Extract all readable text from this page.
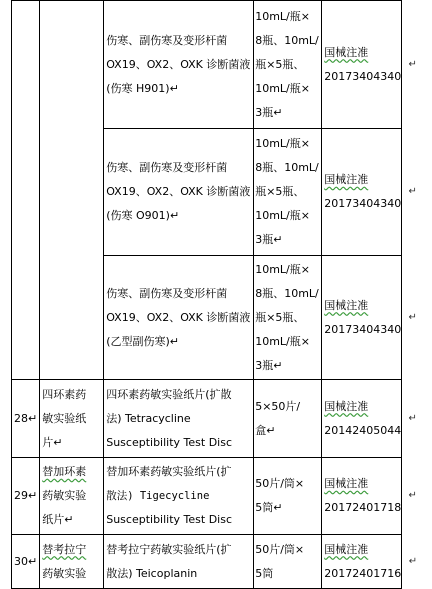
		伤寒、副伤寒及变形杆菌
OX19、OX2、OXK 诊断菌液
(伤寒 H901)↵	10mL/瓶×
8瓶、10mL/
瓶×5瓶、
10mL/瓶×
3瓶↵	国械注准
20173404340	↵

		伤寒、副伤寒及变形杆菌
OX19、OX2、OXK 诊断菌液
(伤寒 O901)↵	10mL/瓶×
8瓶、10mL/
瓶×5瓶、
10mL/瓶×
3瓶↵	国械注准
20173404340	↵

		伤寒、副伤寒及变形杆菌
OX19、OX2、OXK 诊断菌液
(乙型副伤寒)↵	10mL/瓶×
8瓶、10mL/
瓶×5瓶、
10mL/瓶×
3瓶↵	国械注准
20173404340	↵
28↵	四环素药
敏实验纸
片↵	四环素药敏实验纸片(扩散
法) Tetracycline
Susceptibility Test Disc	5×50片/
盒↵	国械注准
20142405044	↵
29↵	替加环素
药敏实验
纸片↵	替加环素药敏实验纸片(扩
散法) Tigecycline
Susceptibility Test Disc	50片/筒×
5筒↵	国械注准
20172401718	↵
30↵	替考拉宁
药敏实验	替考拉宁药敏实验纸片(扩
散法) Teicoplanin	50片/筒×
5筒	国械注准
20172401716	↵
